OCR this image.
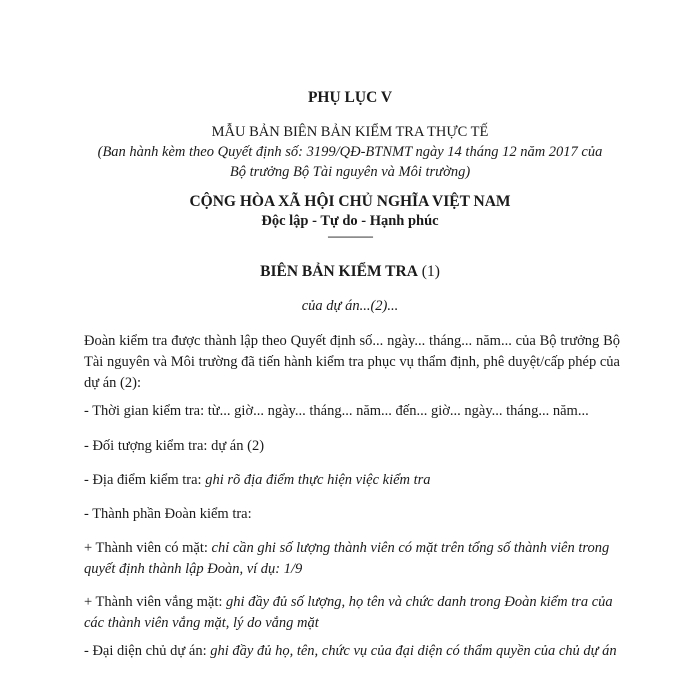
PHỤ LỤC V
MẪU BẢN BIÊN BẢN KIỂM TRA THỰC TẾ
(Ban hành kèm theo Quyết định số: 3199/QĐ-BTNMT ngày 14 tháng 12 năm 2017 của
Bộ trưởng Bộ Tài nguyên và Môi trường)
CỘNG HÒA XÃ HỘI CHỦ NGHĨA VIỆT NAM
Độc lập - Tự do - Hạnh phúc
---------------
BIÊN BẢN KIỂM TRA (1)
của dự án...(2)...
Đoàn kiểm tra được thành lập theo Quyết định số... ngày... tháng... năm... của Bộ trưởng Bộ Tài nguyên và Môi trường đã tiến hành kiểm tra phục vụ thẩm định, phê duyệt/cấp phép của dự án (2):
- Thời gian kiểm tra: từ... giờ... ngày... tháng... năm... đến... giờ... ngày... tháng... năm...
- Đối tượng kiểm tra: dự án (2)
- Địa điểm kiểm tra: ghi rõ địa điểm thực hiện việc kiểm tra
- Thành phần Đoàn kiểm tra:
+ Thành viên có mặt: chỉ cần ghi số lượng thành viên có mặt trên tổng số thành viên trong quyết định thành lập Đoàn, ví dụ: 1/9
+ Thành viên vắng mặt: ghi đầy đủ số lượng, họ tên và chức danh trong Đoàn kiểm tra của các thành viên vắng mặt, lý do vắng mặt
- Đại diện chủ dự án: ghi đầy đủ họ, tên, chức vụ của đại diện có thẩm quyền của chủ dự án
